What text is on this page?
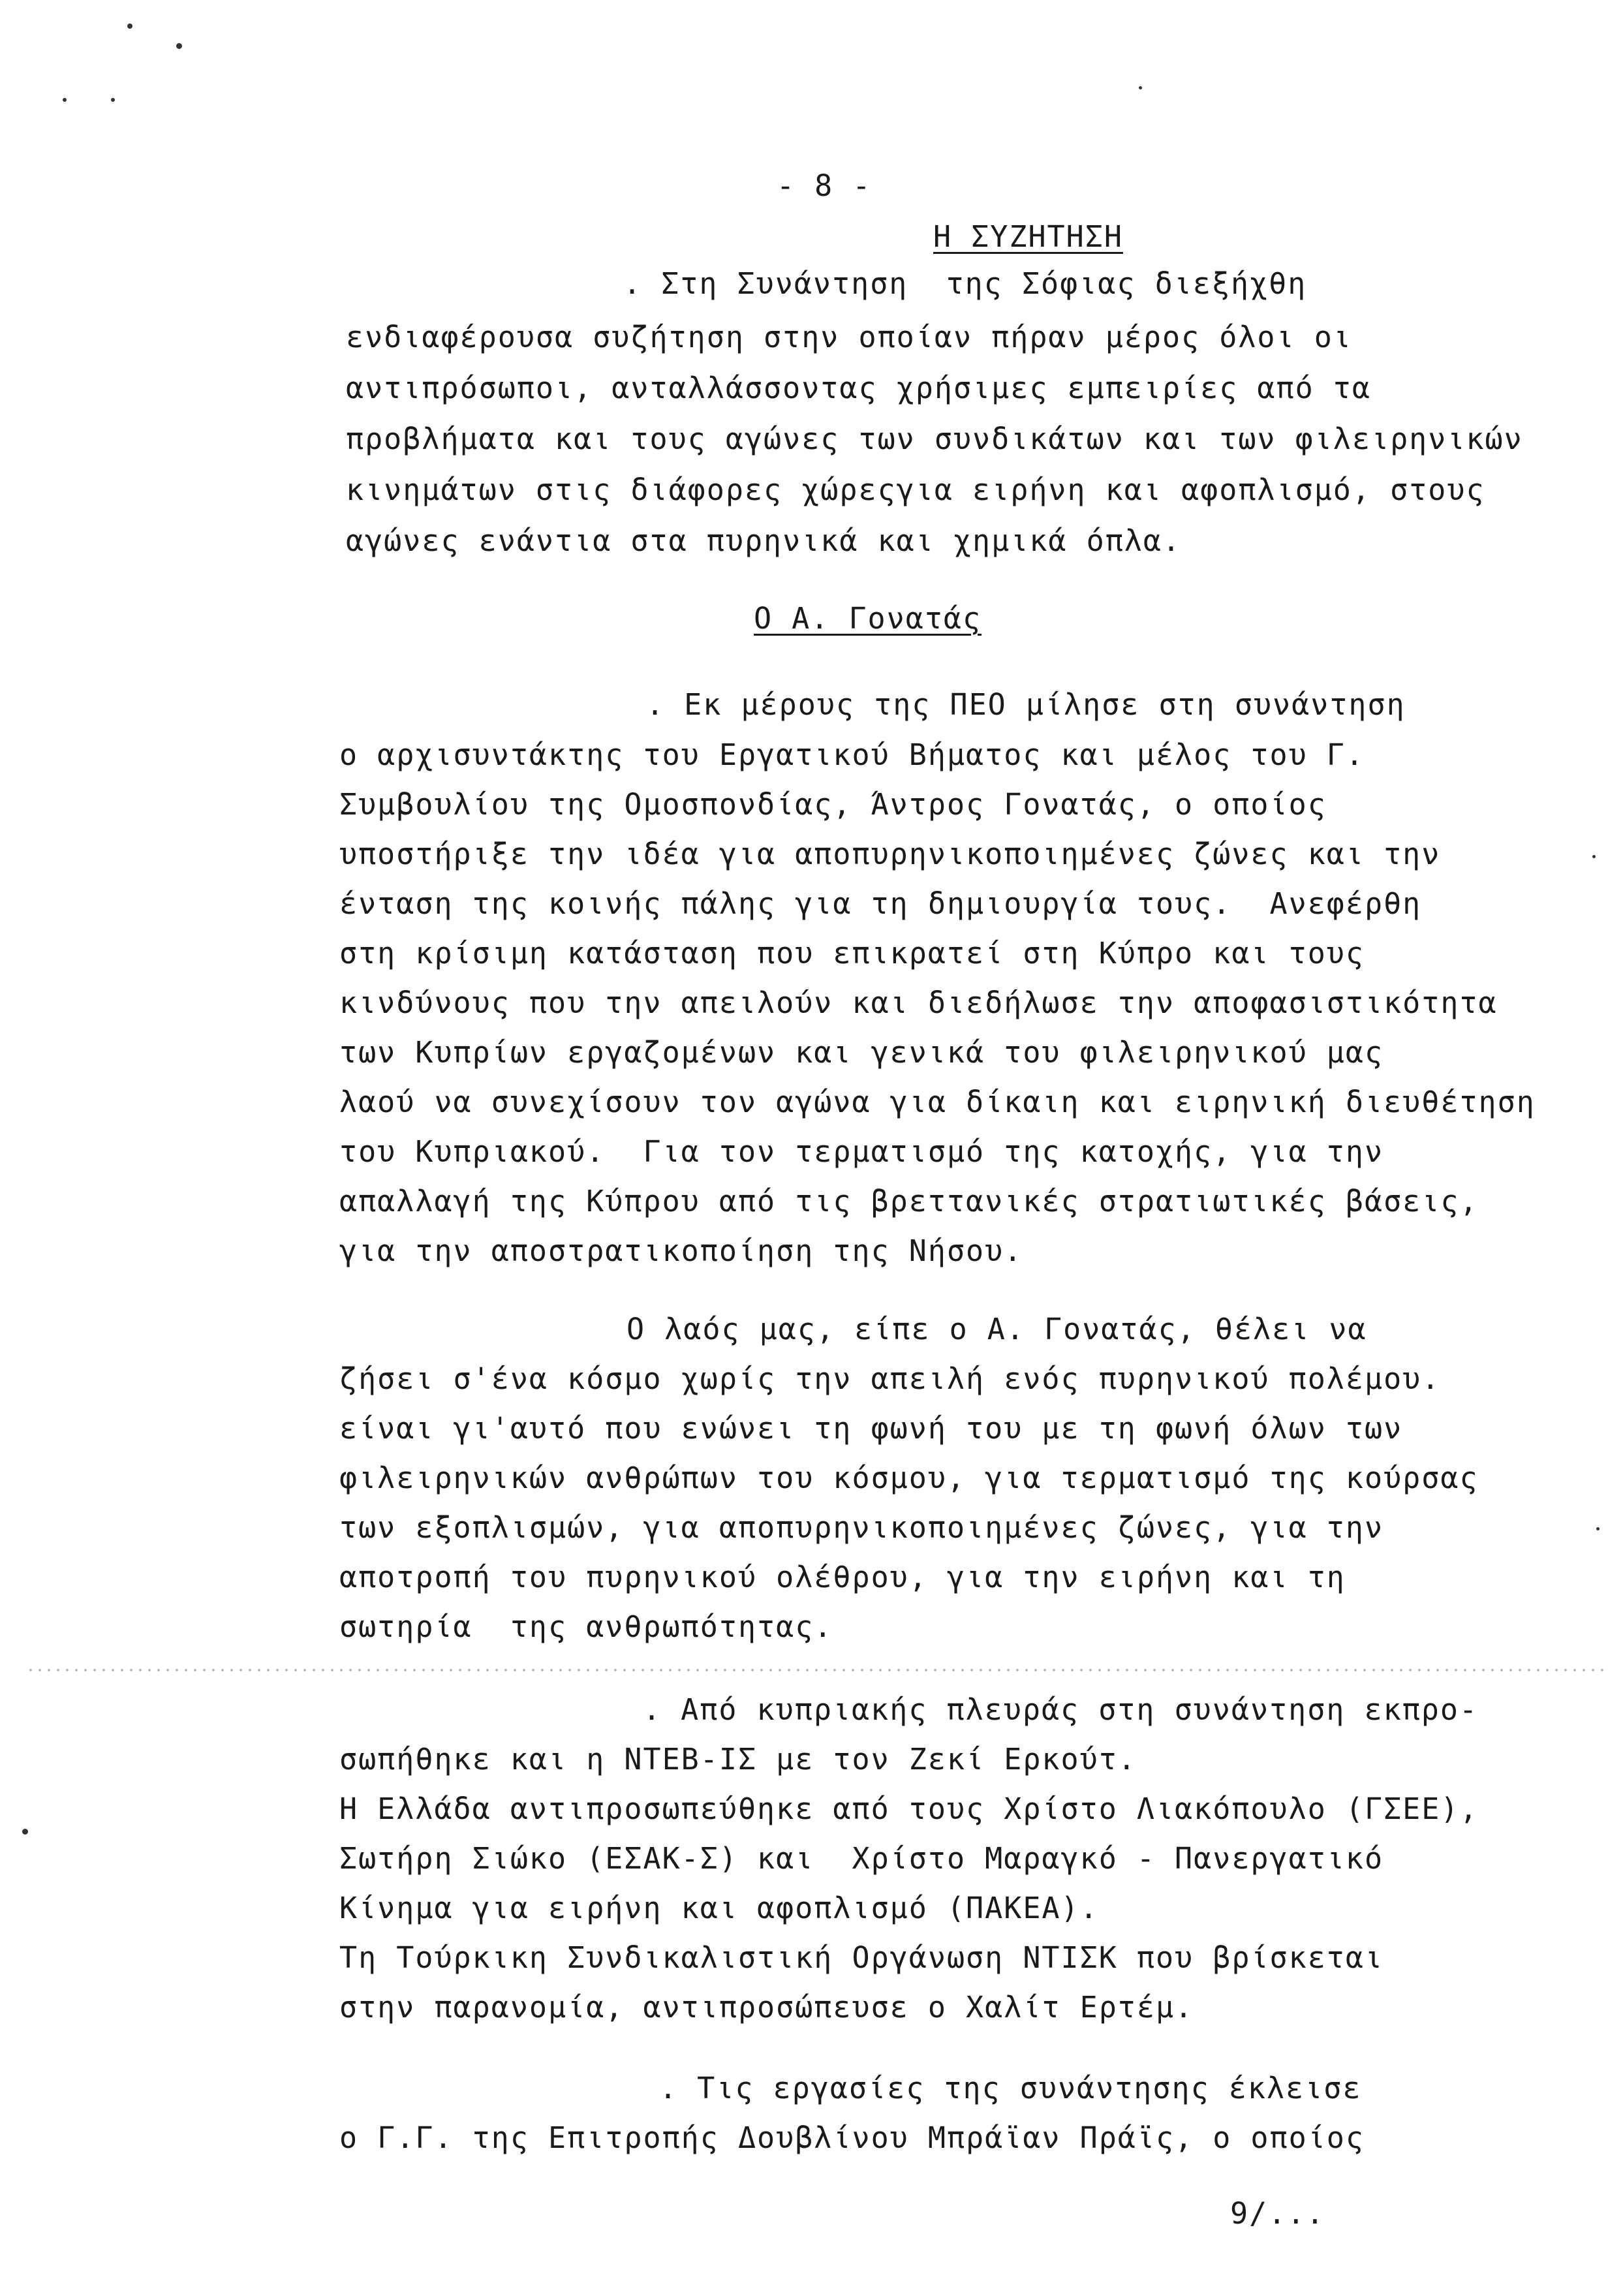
- 8 -
Η ΣΥΖΗΤΗΣΗ
. Στη Συνάντηση  της Σόφιας διεξήχθη
ενδιαφέρουσα συζήτηση στην οποίαν πήραν μέρος όλοι οι
αντιπρόσωποι, ανταλλάσσοντας χρήσιμες εμπειρίες από τα
προβλήματα και τους αγώνες των συνδικάτων και των φιλειρηνικών
κινημάτων στις διάφορες χώρεςγια ειρήνη και αφοπλισμό, στους
αγώνες ενάντια στα πυρηνικά και χημικά όπλα.
Ο Α. Γονατάς
. Εκ μέρους της ΠΕΟ μίλησε στη συνάντηση
ο αρχισυντάκτης του Εργατικού Βήματος και μέλος του Γ.
Συμβουλίου της Ομοσπονδίας, Άντρος Γονατάς, ο οποίος
υποστήριξε την ιδέα για αποπυρηνικοποιημένες ζώνες και την
ένταση της κοινής πάλης για τη δημιουργία τους.  Ανεφέρθη
στη κρίσιμη κατάσταση που επικρατεί στη Κύπρο και τους
κινδύνους που την απειλούν και διεδήλωσε την αποφασιστικότητα
των Κυπρίων εργαζομένων και γενικά του φιλειρηνικού μας
λαού να συνεχίσουν τον αγώνα για δίκαιη και ειρηνική διευθέτηση
του Κυπριακού.  Για τον τερματισμό της κατοχής, για την
απαλλαγή της Κύπρου από τις βρεττανικές στρατιωτικές βάσεις,
για την αποστρατικοποίηση της Νήσου.
Ο λαός μας, είπε ο Α. Γονατάς, θέλει να
ζήσει σ'ένα κόσμο χωρίς την απειλή ενός πυρηνικού πολέμου.
είναι γι'αυτό που ενώνει τη φωνή του με τη φωνή όλων των
φιλειρηνικών ανθρώπων του κόσμου, για τερματισμό της κούρσας
των εξοπλισμών, για αποπυρηνικοποιημένες ζώνες, για την
αποτροπή του πυρηνικού ολέθρου, για την ειρήνη και τη
σωτηρία  της ανθρωπότητας.
. Από κυπριακής πλευράς στη συνάντηση εκπρο-
σωπήθηκε και η ΝΤΕΒ-ΙΣ με τον Ζεκί Ερκούτ.
Η Ελλάδα αντιπροσωπεύθηκε από τους Χρίστο Λιακόπουλο (ΓΣΕΕ),
Σωτήρη Σιώκο (ΕΣΑΚ-Σ) και  Χρίστο Μαραγκό - Πανεργατικό
Κίνημα για ειρήνη και αφοπλισμό (ΠΑΚΕΑ).
Τη Τούρκικη Συνδικαλιστική Οργάνωση ΝΤΙΣΚ που βρίσκεται
στην παρανομία, αντιπροσώπευσε ο Χαλίτ Ερτέμ.
. Τις εργασίες της συνάντησης έκλεισε
ο Γ.Γ. της Επιτροπής Δουβλίνου Μπράϊαν Πράϊς, ο οποίος
9/...
